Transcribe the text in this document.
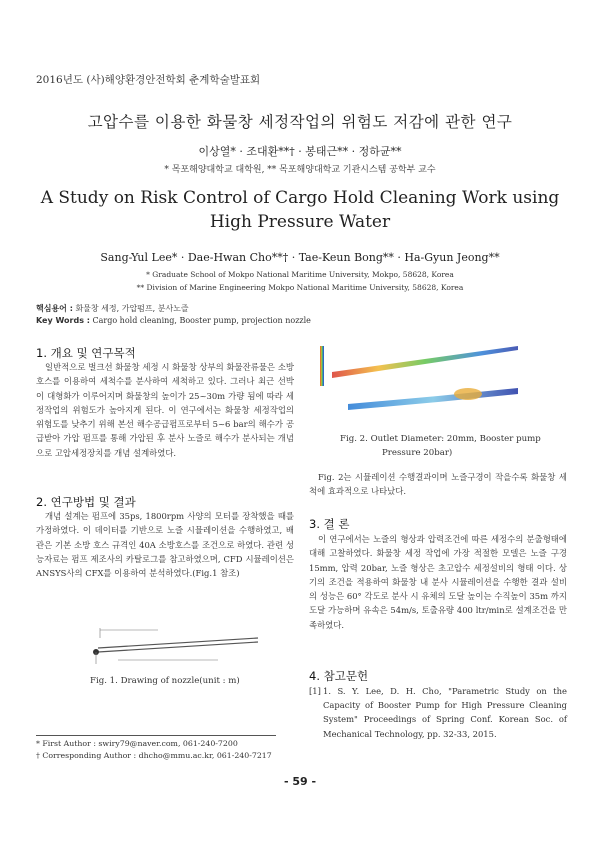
2016년도 (사)해양환경안전학회 춘계학술발표회
고압수를 이용한 화물창 세정작업의 위험도 저감에 관한 연구
이상열* · 조대환**† · 봉태근** · 정하균**
* 목포해양대학교 대학원, ** 목포해양대학교 기관시스템 공학부 교수
A Study on Risk Control of Cargo Hold Cleaning Work using High Pressure Water
Sang-Yul Lee* · Dae-Hwan Cho**† · Tae-Keun Bong** · Ha-Gyun Jeong**
* Graduate School of Mokpo National Maritime University, Mokpo, 58628, Korea
** Division of Marine Engineering Mokpo National Maritime University, 58628, Korea
핵심용어 : 화물창 세정, 가압펌프, 분사노즐
Key Words : Cargo hold cleaning, Booster pump, projection nozzle
1. 개요 및 연구목적
일반적으로 벌크선 화물창 세정 시 화물창 상부의 화물잔류물은 소방호스를 이용하여 세척수를 분사하여 세척하고 있다. 그러나 최근 선박이 대형화가 이루어지며 화물창의 높이가 25~30m 가량 됨에 따라 세정작업의 위험도가 높아지게 된다. 이 연구에서는 화물창 세정작업의 위험도를 낮추기 위해 본선 해수공급펌프로부터 5~6 bar의 해수가 공급받아 가압 펌프를 통해 가압된 후 분사 노즐로 해수가 분사되는 개념으로 고압세정장치를 개념 설계하였다.
2. 연구방법 및 결과
개념 설계는 펌프에 35ps, 1800rpm 사양의 모터를 장착했을 때를 가정하였다. 이 데이터를 기반으로 노즐 시뮬레이션을 수행하였고, 배관은 기본 소방 호스 규격인 40A 소방호스를 조건으로 하였다. 관련 성능자료는 펌프 제조사의 카탈로그를 참고하였으며, CFD 시뮬레이션은 ANSYS사의 CFX를 이용하여 분석하였다.(Fig.1 참조)
Fig. 1. Drawing of nozzle(unit : m)
* First Author : swiry79@naver.com, 061-240-7200
† Corresponding Author : dhcho@mmu.ac.kr, 061-240-7217
Fig. 2. Outlet Diameter: 20mm, Booster pump
Pressure 20bar)
Fig. 2는 시뮬레이션 수행결과이며 노즐구경이 작을수록 화물창 세척에 효과적으로 나타났다.
3. 결 론
이 연구에서는 노즐의 형상과 압력조건에 따른 세정수의 분출형태에 대해 고찰하였다. 화물창 세정 작업에 가장 적절한 모델은 노즐 구경 15mm, 압력 20bar, 노즐 형상은 초고압수 세정설비의 형태 이다. 상기의 조건을 적용하여 화물창 내 분사 시뮬레이션을 수행한 결과 설비의 성능은 60° 각도로 분사 시 유체의 도달 높이는 수직높이 35m 까지 도달 가능하며 유속은 54m/s, 토출유량 400 ltr/min로 설계조건을 만족하였다.
4. 참고문헌
[1] 1. S. Y. Lee, D. H. Cho, "Parametric Study on the Capacity of Booster Pump for High Pressure Cleaning System" Proceedings of Spring Conf. Korean Soc. of Mechanical Technology, pp. 32-33, 2015.
- 59 -
